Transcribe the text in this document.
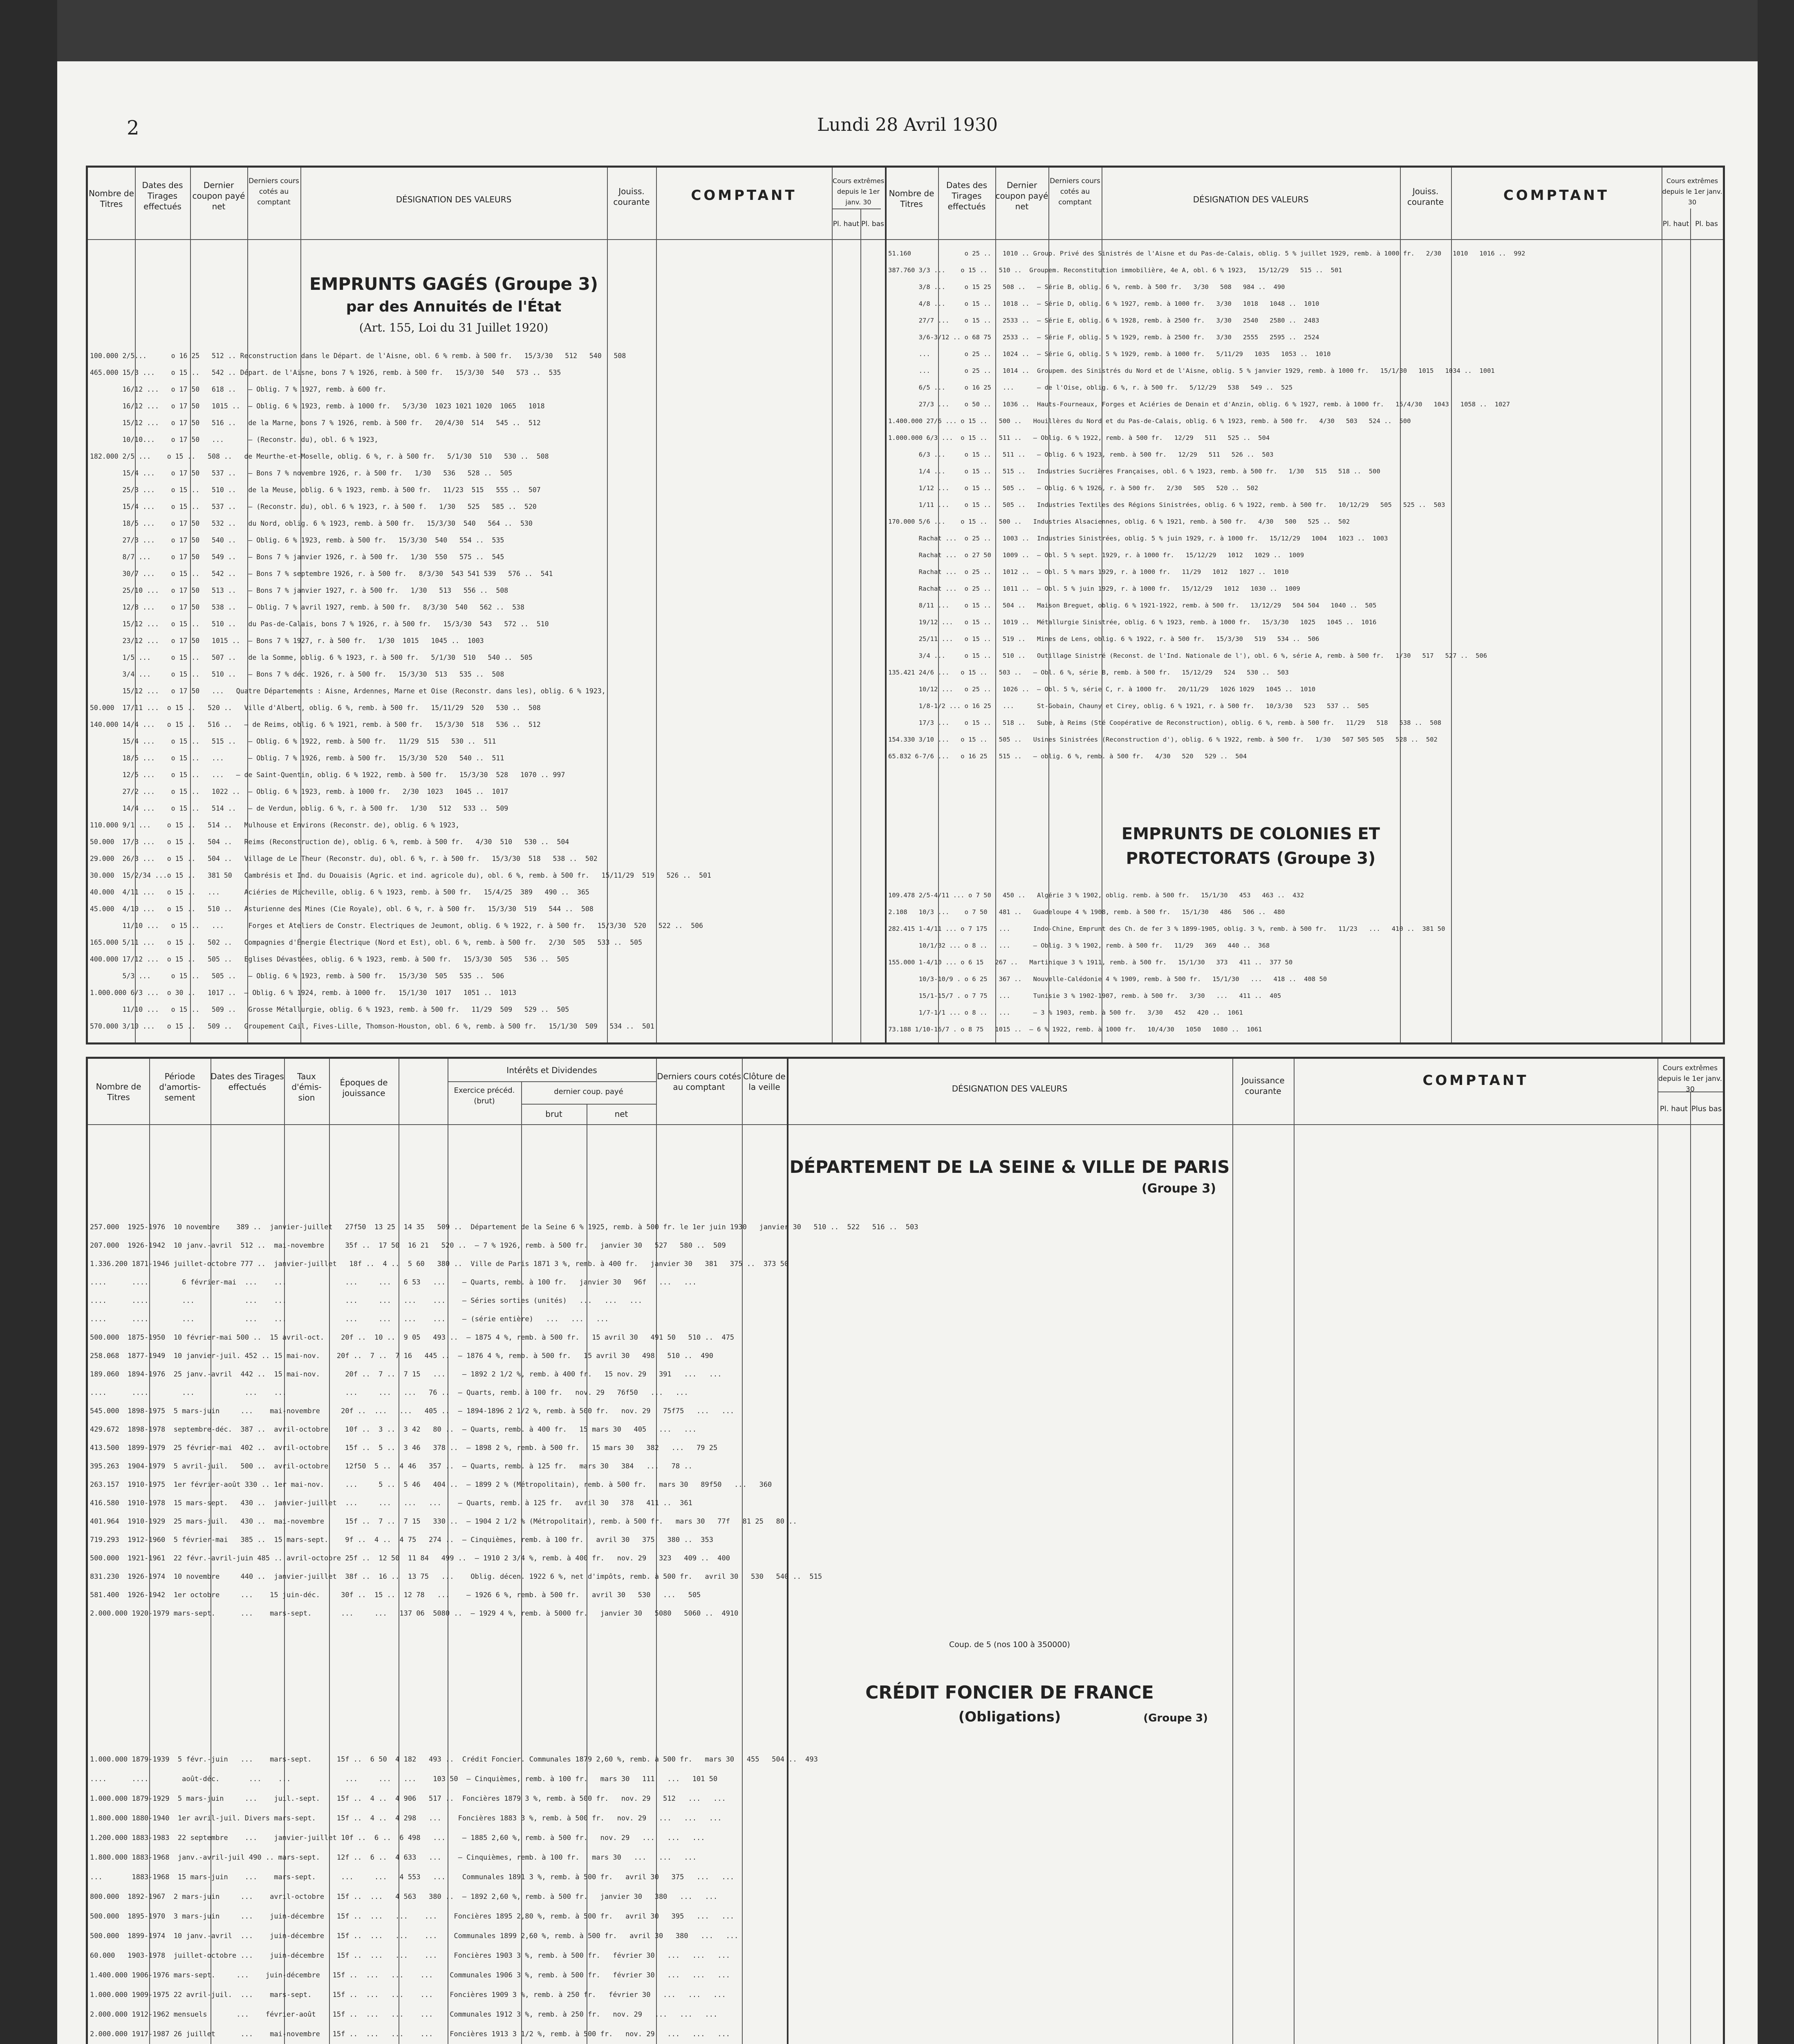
2	Lundi 28 Avril 1930
Nombre de Titres
Dates des Tirages effectués
Dernier coupon payé net
Derniers cours cotés au comptant	DÉSIGNATION DES VALEURS
Jouiss. courante	COMPTANT
Cours extrêmes depuis le 1er janv. 30
Pl. haut Pl. bas
Nombre de Titres
Dates des Tirages effectués
Dernier coupon payé net
Derniers cours cotés au comptant	DÉSIGNATION DES VALEURS
Jouiss. courante	COMPTANT
Cours extrêmes depuis le 1er janv. 30
Pl. haut Pl. bas
EMPRUNTS GAGÉS (Groupe 3)
par des Annuités de l'État
(Art. 155, Loi du 31 Juillet 1920)
100.000 2/5...      o 16 25   512 .. Reconstruction dans le Départ. de l'Aisne, obl. 6 % remb. à 500 fr.   15/3/30   512   540   508
465.000 15/3 ...    o 15 ..   542 .. Départ. de l'Aisne, bons 7 % 1926, remb. à 500 fr.   15/3/30  540   573 ..  535
16/12 ...   o 17 50   618 ..   — Oblig. 7 % 1927, remb. à 600 fr.
16/12 ...   o 17 50   1015 ..  — Oblig. 6 % 1923, remb. à 1000 fr.   5/3/30  1023 1021 1020  1065   1018
15/12 ...   o 17 50   516 ..   de la Marne, bons 7 % 1926, remb. à 500 fr.   20/4/30  514   545 ..  512
10/10...    o 17 50   ...      — (Reconstr. du), obl. 6 % 1923,
182.000 2/5 ...    o 15 ..   508 ..   de Meurthe-et-Moselle, oblig. 6 %, r. à 500 fr.   5/1/30  510   530 ..  508
15/4 ...    o 17 50   537 ..   — Bons 7 % novembre 1926, r. à 500 fr.   1/30   536   528 ..  505
25/3 ...    o 15 ..   510 ..   de la Meuse, oblig. 6 % 1923, remb. à 500 fr.   11/23  515   555 ..  507
15/4 ...    o 15 ..   537 ..   — (Reconstr. du), obl. 6 % 1923, r. à 500 f.   1/30   525   585 ..  520
18/5 ...    o 17 50   532 ..   du Nord, oblig. 6 % 1923, remb. à 500 fr.   15/3/30  540   564 ..  530
27/3 ...    o 17 50   540 ..   — Oblig. 6 % 1923, remb. à 500 fr.   15/3/30  540   554 ..  535
8/7 ...     o 17 50   549 ..   — Bons 7 % janvier 1926, r. à 500 fr.   1/30  550   575 ..  545
30/7 ...    o 15 ..   542 ..   — Bons 7 % septembre 1926, r. à 500 fr.   8/3/30  543 541 539   576 ..  541
25/10 ...   o 17 50   513 ..   — Bons 7 % janvier 1927, r. à 500 fr.   1/30   513   556 ..  508
12/8 ...    o 17 50   538 ..   — Oblig. 7 % avril 1927, remb. à 500 fr.   8/3/30  540   562 ..  538
15/12 ...   o 15 ..   510 ..   du Pas-de-Calais, bons 7 % 1926, r. à 500 fr.   15/3/30  543   572 ..  510
23/12 ...   o 17 50   1015 ..  — Bons 7 % 1927, r. à 500 fr.   1/30  1015   1045 ..  1003
1/5 ...     o 15 ..   507 ..   de la Somme, oblig. 6 % 1923, r. à 500 fr.   5/1/30  510   540 ..  505
3/4 ...     o 15 ..   510 ..   — Bons 7 % déc. 1926, r. à 500 fr.   15/3/30  513   535 ..  508
15/12 ...   o 17 50   ...   Quatre Départements : Aisne, Ardennes, Marne et Oise (Reconstr. dans les), oblig. 6 % 1923,
50.000  17/11 ...  o 15 ..   520 ..   Ville d'Albert, oblig. 6 %, remb. à 500 fr.   15/11/29  520   530 ..  508
140.000 14/4 ...   o 15 ..   516 ..   — de Reims, oblig. 6 % 1921, remb. à 500 fr.   15/3/30  518   536 ..  512
15/4 ...    o 15 ..   515 ..   — Oblig. 6 % 1922, remb. à 500 fr.   11/29  515   530 ..  511
18/5 ...    o 15 ..   ...      — Oblig. 7 % 1926, remb. à 500 fr.   15/3/30  520   540 ..  511
12/5 ...    o 15 ..   ...   — de Saint-Quentin, oblig. 6 % 1922, remb. à 500 fr.   15/3/30  528   1070 .. 997
27/2 ...    o 15 ..   1022 ..  — Oblig. 6 % 1923, remb. à 1000 fr.   2/30  1023   1045 ..  1017
14/4 ...    o 15 ..   514 ..   — de Verdun, oblig. 6 %, r. à 500 fr.   1/30   512   533 ..  509
110.000 9/1 ...    o 15 ..   514 ..   Mulhouse et Environs (Reconstr. de), oblig. 6 % 1923,
50.000  17/3 ...   o 15 ..   504 ..   Reims (Reconstruction de), oblig. 6 %, remb. à 500 fr.   4/30  510   530 ..  504
29.000  26/3 ...   o 15 ..   504 ..   Village de Le Theur (Reconstr. du), obl. 6 %, r. à 500 fr.   15/3/30  518   538 ..  502
30.000  15/2/34 ...o 15 ..   381 50   Cambrésis et Ind. du Douaisis (Agric. et ind. agricole du), obl. 6 %, remb. à 500 fr.   15/11/29  519   526 ..  501
40.000  4/11 ...   o 15 ..   ...      Aciéries de Micheville, oblig. 6 % 1923, remb. à 500 fr.   15/4/25  389   490 ..  365
45.000  4/10 ...   o 15 ..   510 ..   Asturienne des Mines (Cie Royale), obl. 6 %, r. à 500 fr.   15/3/30  519   544 ..  508
11/10 ...   o 15 ..   ...      Forges et Ateliers de Constr. Electriques de Jeumont, oblig. 6 % 1922, r. à 500 fr.   15/3/30  520   522 ..  506
165.000 5/11 ...   o 15 ..   502 ..   Compagnies d'Énergie Électrique (Nord et Est), obl. 6 %, remb. à 500 fr.   2/30  505   533 ..  505
400.000 17/12 ...  o 15 ..   505 ..   Eglises Dévastées, oblig. 6 % 1923, remb. à 500 fr.   15/3/30  505   536 ..  505
5/3 ...     o 15 ..   505 ..   — Oblig. 6 % 1923, remb. à 500 fr.   15/3/30  505   535 ..  506
1.000.000 6/3 ...  o 30 ..   1017 ..  — Oblig. 6 % 1924, remb. à 1000 fr.   15/1/30  1017   1051 ..  1013
11/10 ...   o 15 ..   509 ..   Grosse Métallurgie, oblig. 6 % 1923, remb. à 500 fr.   11/29  509   529 ..  505
570.000 3/10 ...   o 15 ..   509 ..   Groupement Cail, Fives-Lille, Thomson-Houston, obl. 6 %, remb. à 500 fr.   15/1/30  509   534 ..  501
51.160              o 25 ..   1010 .. Group. Privé des Sinistrés de l'Aisne et du Pas-de-Calais, oblig. 5 % juillet 1929, remb. à 1000 fr.   2/30   1010   1016 ..  992
387.760 3/3 ...    o 15 ..   510 ..  Groupem. Reconstitution immobilière, 4e A, obl. 6 % 1923,   15/12/29   515 ..  501
3/8 ...     o 15 25   508 ..   — Série B, oblig. 6 %, remb. à 500 fr.   3/30   508   984 ..  490
4/8 ...     o 15 ..   1018 ..  — Série D, oblig. 6 % 1927, remb. à 1000 fr.   3/30   1018   1048 ..  1010
27/7 ...    o 15 ..   2533 ..  — Série E, oblig. 6 % 1928, remb. à 2500 fr.   3/30   2540   2580 ..  2483
3/6-3/12 .. o 68 75   2533 ..  — Série F, oblig. 5 % 1929, remb. à 2500 fr.   3/30   2555   2595 ..  2524
...         o 25 ..   1024 ..  — Série G, oblig. 5 % 1929, remb. à 1000 fr.   5/11/29   1035   1053 ..  1010
...         o 25 ..   1014 ..  Groupem. des Sinistrés du Nord et de l'Aisne, oblig. 5 % janvier 1929, remb. à 1000 fr.   15/1/30   1015   1034 ..  1001
6/5 ...     o 16 25   ...      — de l'Oise, oblig. 6 %, r. à 500 fr.   5/12/29   538   549 ..  525
27/3 ...    o 50 ..   1036 ..  Hauts-Fourneaux, Forges et Aciéries de Denain et d'Anzin, oblig. 6 % 1927, remb. à 1000 fr.   15/4/30   1043   1058 ..  1027
1.400.000 27/6 ... o 15 ..   500 ..   Houillères du Nord et du Pas-de-Calais, oblig. 6 % 1923, remb. à 500 fr.   4/30   503   524 ..  500
1.000.000 6/3 ...  o 15 ..   511 ..   — Oblig. 6 % 1922, remb. à 500 fr.   12/29   511   525 ..  504
6/3 ...     o 15 ..   511 ..   — Oblig. 6 % 1923, remb. à 500 fr.   12/29   511   526 ..  503
1/4 ...     o 15 ..   515 ..   Industries Sucrières Françaises, obl. 6 % 1923, remb. à 500 fr.   1/30   515   518 ..  500
1/12 ...    o 15 ..   505 ..   — Oblig. 6 % 1926, r. à 500 fr.   2/30   505   520 ..  502
1/11 ...    o 15 ..   505 ..   Industries Textiles des Régions Sinistrées, oblig. 6 % 1922, remb. à 500 fr.   10/12/29   505   525 ..  503
170.000 5/6 ...    o 15 ..   500 ..   Industries Alsaciennes, oblig. 6 % 1921, remb. à 500 fr.   4/30   500   525 ..  502
Rachat ...  o 25 ..   1003 ..  Industries Sinistrées, oblig. 5 % juin 1929, r. à 1000 fr.   15/12/29   1004   1023 ..  1003
Rachat ...  o 27 50   1009 ..  — Obl. 5 % sept. 1929, r. à 1000 fr.   15/12/29   1012   1029 ..  1009
Rachat ...  o 25 ..   1012 ..  — Obl. 5 % mars 1929, r. à 1000 fr.   11/29   1012   1027 ..  1010
Rachat ...  o 25 ..   1011 ..  — Obl. 5 % juin 1929, r. à 1000 fr.   15/12/29   1012   1030 ..  1009
8/11 ...    o 15 ..   504 ..   Maison Breguet, oblig. 6 % 1921-1922, remb. à 500 fr.   13/12/29   504 504   1040 ..  505
19/12 ...   o 15 ..   1019 ..  Métallurgie Sinistrée, oblig. 6 % 1923, remb. à 1000 fr.   15/3/30   1025   1045 ..  1016
25/11 ...   o 15 ..   519 ..   Mines de Lens, oblig. 6 % 1922, r. à 500 fr.   15/3/30   519   534 ..  506
3/4 ...     o 15 ..   510 ..   Outillage Sinistré (Reconst. de l'Ind. Nationale de l'), obl. 6 %, série A, remb. à 500 fr.   1/30   517   527 ..  506
135.421 24/6 ...   o 15 ..   503 ..   — Obl. 6 %, série B, remb. à 500 fr.   15/12/29   524   530 ..  503
10/12 ...   o 25 ..   1026 ..  — Obl. 5 %, série C, r. à 1000 fr.   20/11/29   1026 1029   1045 ..  1010
1/8-1/2 ... o 16 25   ...      St-Gobain, Chauny et Cirey, oblig. 6 % 1921, r. à 500 fr.   10/3/30   523   537 ..  505
17/3 ...    o 15 ..   518 ..   Sube, à Reims (Sté Coopérative de Reconstruction), oblig. 6 %, remb. à 500 fr.   11/29   518   538 ..  508
154.330 3/10 ...   o 15 ..   505 ..   Usines Sinistrées (Reconstruction d'), oblig. 6 % 1922, remb. à 500 fr.   1/30   507 505 505   528 ..  502
65.832 6-7/6 ...   o 16 25   515 ..   — oblig. 6 %, remb. à 500 fr.   4/30   520   529 ..  504
EMPRUNTS DE COLONIES ET PROTECTORATS (Groupe 3)
109.478 2/5-4/11 ... o 7 50   450 ..   Algérie 3 % 1902, oblig. remb. à 500 fr.   15/1/30   453   463 ..  432
2.108   10/3 ...    o 7 50   481 ..   Guadeloupe 4 % 1908, remb. à 500 fr.   15/1/30   486   506 ..  480
282.415 1-4/11 ... o 7 175   ...      Indo-Chine, Emprunt des Ch. de fer 3 % 1899-1905, oblig. 3 %, remb. à 500 fr.   11/23   ...   410 ..  381 50
10/1/32 ... o 8 ..   ...      — Oblig. 3 % 1902, remb. à 500 fr.   11/29   369   440 ..  368
155.000 1-4/10 ... o 6 15   267 ..   Martinique 3 % 1911, remb. à 500 fr.   15/1/30   373   411 ..  377 50
10/3-10/9 . o 6 25   367 ..   Nouvelle-Calédonie 4 % 1909, remb. à 500 fr.   15/1/30   ...   418 ..  408 50
15/1-15/7 . o 7 75   ...      Tunisie 3 % 1902-1907, remb. à 500 fr.   3/30   ...   411 ..  405
1/7-1/1 ... o 8 ..   ...      — 3 % 1903, remb. à 500 fr.   3/30   452   420 ..  1061
73.188 1/10-16/7 . o 8 75   1015 ..  — 6 % 1922, remb. à 1000 fr.   10/4/30   1050   1080 ..  1061
Nombre de Titres
Période d'amortis-sement
Dates des Tirages effectués
Taux d'émis-sion
Époques de jouissance
Intérêts et Dividendes
Exercice précéd. (brut)
dernier coup. payé
brut	net
Derniers cours cotés au comptant
Clôture de la veille	DÉSIGNATION DES VALEURS
Jouissance courante
COMPTANT
Cours extrêmes depuis le 1er janv. 30
Pl. haut Plus bas
DÉPARTEMENT DE LA SEINE & VILLE DE PARIS
(Groupe 3)
257.000  1925-1976  10 novembre    389 ..  janvier-juillet   27f50  13 25  14 35   509 ..  Département de la Seine 6 % 1925, remb. à 500 fr. le 1er juin 1930   janvier 30   510 ..  522   516 ..  503
207.000  1926-1942  10 janv.-avril  512 ..  mai-novembre     35f ..  17 50  16 21   520 ..  — 7 % 1926, remb. à 500 fr.   janvier 30   527   580 ..  509
1.336.200 1871-1946 juillet-octobre 777 ..  janvier-juillet   18f ..  4 ..  5 60   380 ..  Ville de Paris 1871 3 %, remb. à 400 fr.   janvier 30   381   375 ..  373 50
....      ....        6 février-mai  ...    ...              ...     ...   6 53   ...    — Quarts, remb. à 100 fr.   janvier 30   96f   ...   ...
....      ....        ...            ...    ...              ...     ...   ...    ...    — Séries sorties (unités)   ...   ...   ...
....      ....        ...            ...    ...              ...     ...   ...    ...    — (série entière)   ...   ...   ...
500.000  1875-1950  10 février-mai 500 ..  15 avril-oct.    20f ..  10 ..  9 05   493 ..  — 1875 4 %, remb. à 500 fr.   15 avril 30   491 50   510 ..  475
258.068  1877-1949  10 janvier-juil. 452 .. 15 mai-nov.    20f ..  7 ..  7 16   445 ..  — 1876 4 %, remb. à 500 fr.   15 avril 30   498   510 ..  490
189.060  1894-1976  25 janv.-avril  442 ..  15 mai-nov.      20f ..  7 ..  7 15   ...    — 1892 2 1/2 %, remb. à 400 fr.   15 nov. 29   391   ...   ...
....      ....        ...            ...    ...              ...     ...   ...   76 ..  — Quarts, remb. à 100 fr.   nov. 29   76f50   ...   ...
545.000  1898-1975  5 mars-juin     ...    mai-novembre     20f ..  ...   ...   405 ..  — 1894-1896 2 1/2 %, remb. à 500 fr.   nov. 29   75f75   ...   ...
429.672  1898-1978  septembre-déc.  387 ..  avril-octobre    10f ..  3 ..  3 42   80 ..  — Quarts, remb. à 400 fr.   15 mars 30   405   ...   ...
413.500  1899-1979  25 février-mai  402 ..  avril-octobre    15f ..  5 ..  3 46   378 ..  — 1898 2 %, remb. à 500 fr.   15 mars 30   382   ...   79 25
395.263  1904-1979  5 avril-juil.   500 ..  avril-octobre    12f50  5 ..  4 46   357 ..  — Quarts, remb. à 125 fr.   mars 30   384   ...   78 ..
263.157  1910-1975  1er février-août 330 .. 1er mai-nov.     ...     5 ..  5 46   404 ..  — 1899 2 % (Métropolitain), remb. à 500 fr.   mars 30   89f50   ...   360
416.580  1910-1978  15 mars-sept.   430 ..  janvier-juillet  ...     ...   ...   ...    — Quarts, remb. à 125 fr.   avril 30   378   411 ..  361
401.964  1910-1929  25 mars-juil.   430 ..  mai-novembre     15f ..  7 ..  7 15   330 ..  — 1904 2 1/2 % (Métropolitain), remb. à 500 fr.   mars 30   77f   81 25   80 ..
719.293  1912-1960  5 février-mai   385 ..  15 mars-sept.    9f ..  4 ..  4 75   274 ..  — Cinquièmes, remb. à 100 fr.   avril 30   375   380 ..  353
500.000  1921-1961  22 févr.-avril-juin 485 .. avril-octobre 25f ..  12 50  11 84   499 ..  — 1910 2 3/4 %, remb. à 400 fr.   nov. 29   323   409 ..  400
831.230  1926-1974  10 novembre     440 ..  janvier-juillet  38f ..  16 ..  13 75   ...    Oblig. décen. 1922 6 %, net d'impôts, remb. à 500 fr.   avril 30   530   540 ..  515
581.400  1926-1942  1er octobre     ...    15 juin-déc.     30f ..  15 ..  12 78   ...    — 1926 6 %, remb. à 500 fr.   avril 30   530   ...   505
2.000.000 1920-1979 mars-sept.      ...    mars-sept.       ...     ...   137 06  5080 ..  — 1929 4 %, remb. à 5000 fr.   janvier 30   5080   5060 ..  4910
Coup. de 5 (nos 100 à 350000)
CRÉDIT FONCIER DE FRANCE
(Obligations)	(Groupe 3)
1.000.000 1879-1939  5 févr.-juin   ...    mars-sept.      15f ..  6 50  4 182   493 ..  Crédit Foncier. Communales 1879 2,60 %, remb. à 500 fr.   mars 30   455   504 ..  493
....      ....        août-déc.       ...    ...             ...     ...   ...    103 50  — Cinquièmes, remb. à 100 fr.   mars 30   111   ...   101 50
1.000.000 1879-1929  5 mars-juin     ...    juil.-sept.    15f ..  4 ..  4 906   517 ..  Foncières 1879 3 %, remb. à 500 fr.   nov. 29   512   ...   ...
1.800.000 1880-1940  1er avril-juil. Divers mars-sept.     15f ..  4 ..  4 298   ...    Foncières 1883 3 %, remb. à 500 fr.   nov. 29   ...   ...   ...
1.200.000 1883-1983  22 septembre    ...    janvier-juillet 10f ..  6 ..  6 498   ...    — 1885 2,60 %, remb. à 500 fr.   nov. 29   ...   ...   ...
1.800.000 1883-1968  janv.-avril-juil 490 .. mars-sept.    12f ..  6 ..  4 633   ...    — Cinquièmes, remb. à 100 fr.   mars 30   ...   ...   ...
...       1883-1968  15 mars-juin    ...    mars-sept.      ...     ...   4 553   ...    Communales 1891 3 %, remb. à 500 fr.   avril 30   375   ...   ...
800.000  1892-1967  2 mars-juin     ...    avril-octobre   15f ..  ...   4 563   380 ..  — 1892 2,60 %, remb. à 500 fr.   janvier 30   380   ...   ...
500.000  1895-1970  3 mars-juin     ...    juin-décembre   15f ..  ...   ...    ...    Foncières 1895 2,80 %, remb. à 500 fr.   avril 30   395   ...   ...
500.000  1899-1974  10 janv.-avril  ...    juin-décembre   15f ..  ...   ...    ...    Communales 1899 2,60 %, remb. à 500 fr.   avril 30   380   ...   ...
60.000   1903-1978  juillet-octobre ...    juin-décembre   15f ..  ...   ...    ...    Foncières 1903 3 %, remb. à 500 fr.   février 30   ...   ...   ...
1.400.000 1906-1976 mars-sept.     ...    juin-décembre   15f ..  ...   ...    ...    Communales 1906 3 %, remb. à 500 fr.   février 30   ...   ...   ...
1.000.000 1909-1975 22 avril-juil.  ...    mars-sept.     15f ..  ...   ...    ...    Foncières 1909 3 %, remb. à 250 fr.   février 30   ...   ...   ...
2.000.000 1912-1962 mensuels       ...    février-août    15f ..  ...   ...    ...    Communales 1912 3 %, remb. à 250 fr.   nov. 29   ...   ...   ...
2.000.000 1917-1987 26 juillet      ...    mai-novembre   15f ..  ...   ...    ...    Foncières 1913 3 1/2 %, remb. à 500 fr.   nov. 29   ...   ...   ...
